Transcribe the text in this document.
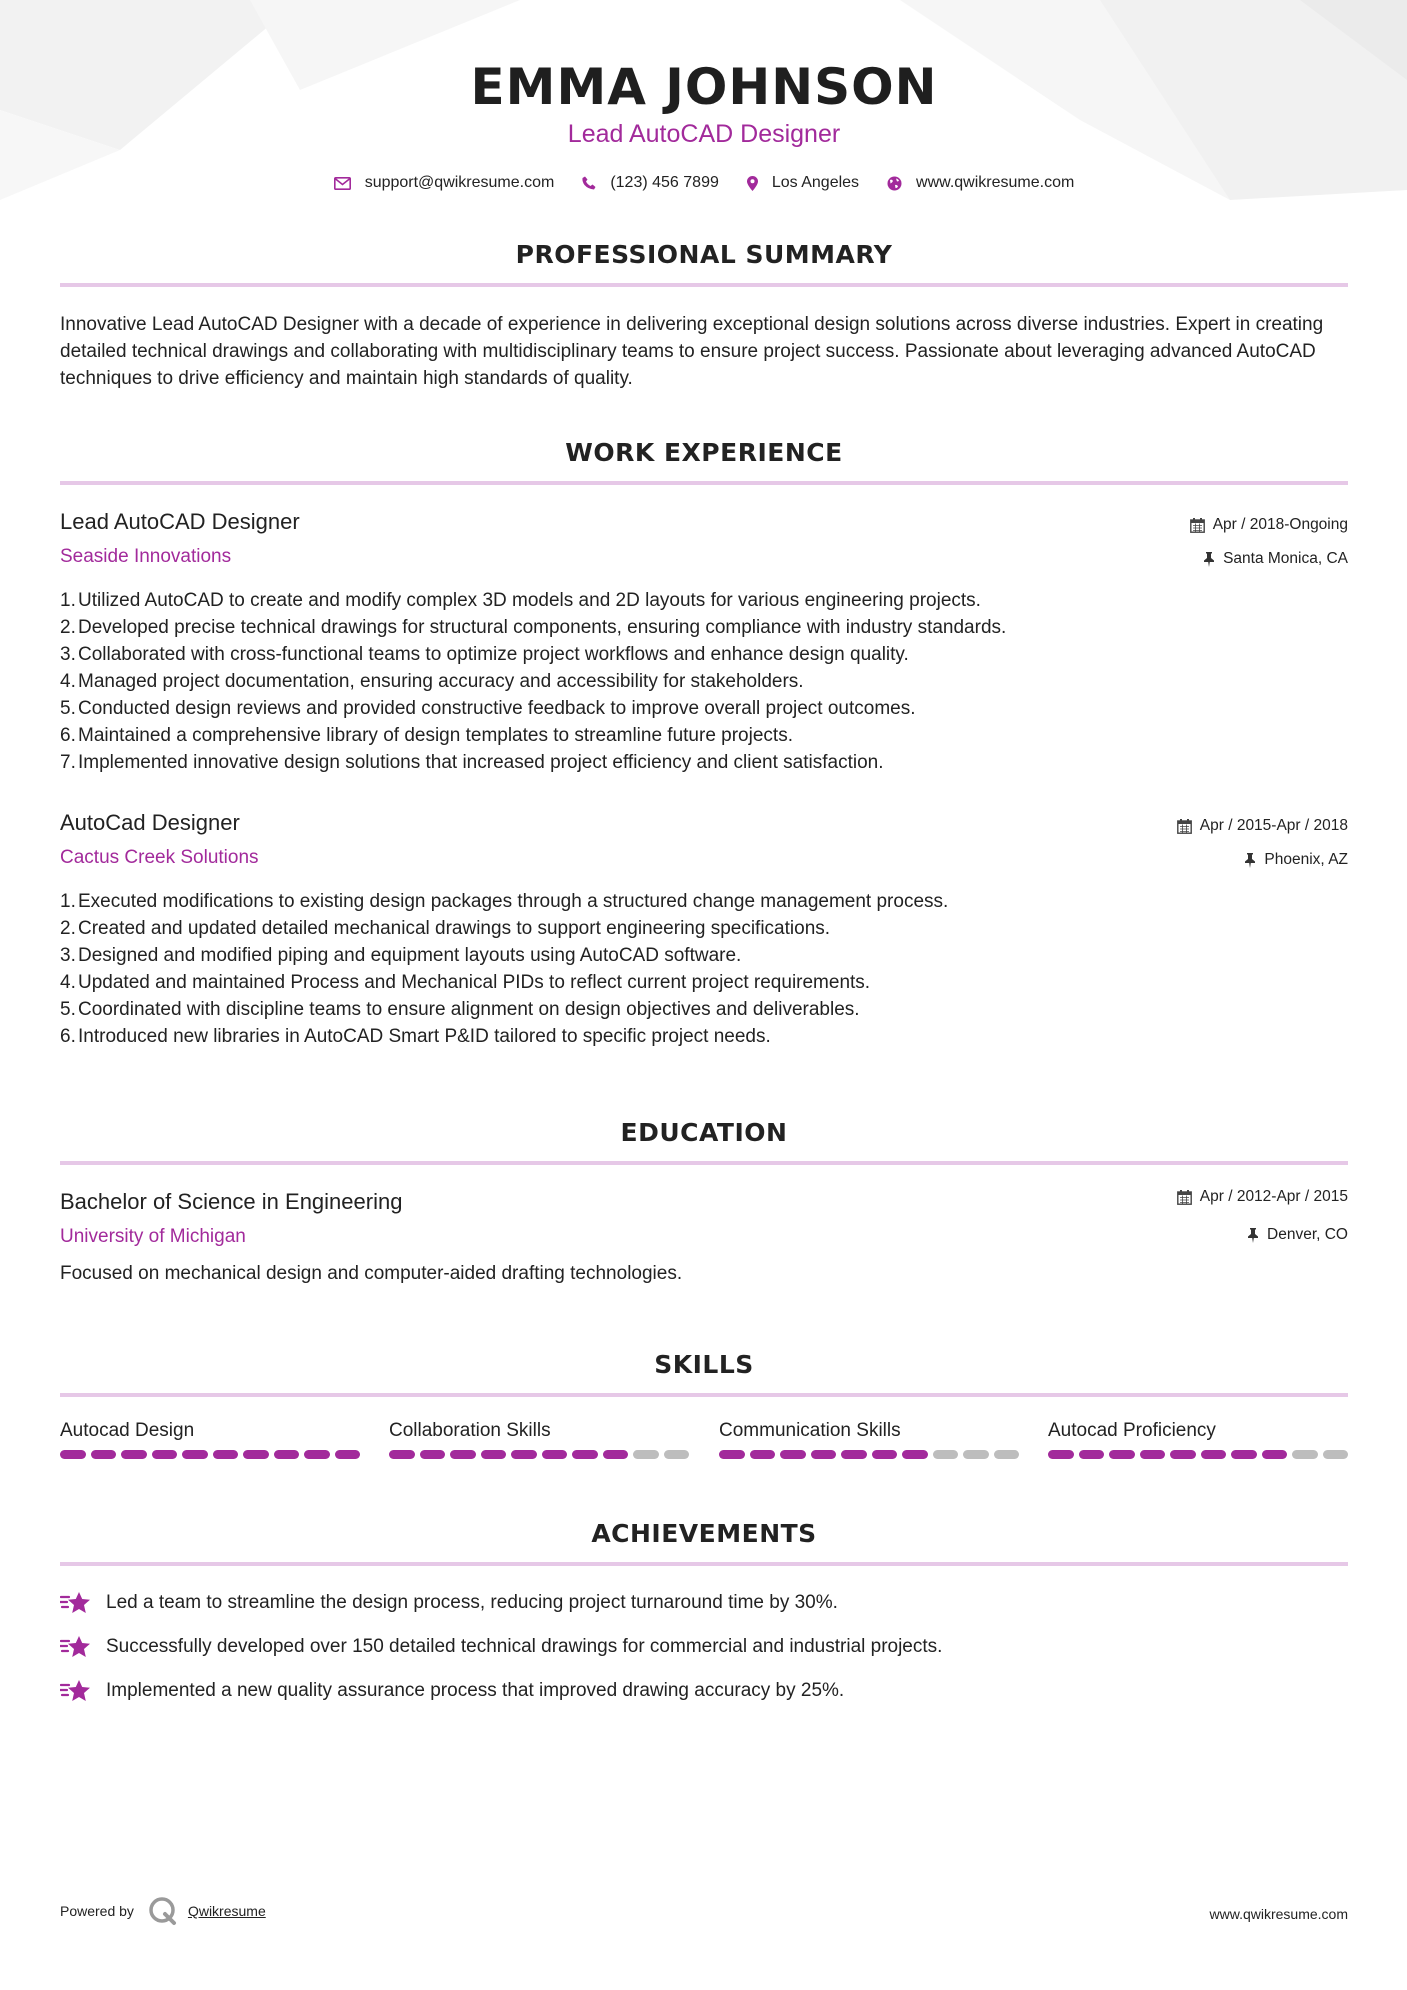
EMMA JOHNSON
Lead AutoCAD Designer
support@qwikresume.com	(123) 456 7899	Los Angeles	www.qwikresume.com
PROFESSIONAL SUMMARY
Innovative Lead AutoCAD Designer with a decade of experience in delivering exceptional design solutions across diverse industries. Expert in creating detailed technical drawings and collaborating with multidisciplinary teams to ensure project success. Passionate about leveraging advanced AutoCAD techniques to drive efficiency and maintain high standards of quality.
WORK EXPERIENCE
Lead AutoCAD Designer
Seaside Innovations
Apr / 2018-Ongoing
Santa Monica, CA
1. Utilized AutoCAD to create and modify complex 3D models and 2D layouts for various engineering projects.
2. Developed precise technical drawings for structural components, ensuring compliance with industry standards.
3. Collaborated with cross-functional teams to optimize project workflows and enhance design quality.
4. Managed project documentation, ensuring accuracy and accessibility for stakeholders.
5. Conducted design reviews and provided constructive feedback to improve overall project outcomes.
6. Maintained a comprehensive library of design templates to streamline future projects.
7. Implemented innovative design solutions that increased project efficiency and client satisfaction.
AutoCad Designer
Cactus Creek Solutions
Apr / 2015-Apr / 2018
Phoenix, AZ
1. Executed modifications to existing design packages through a structured change management process.
2. Created and updated detailed mechanical drawings to support engineering specifications.
3. Designed and modified piping and equipment layouts using AutoCAD software.
4. Updated and maintained Process and Mechanical PIDs to reflect current project requirements.
5. Coordinated with discipline teams to ensure alignment on design objectives and deliverables.
6. Introduced new libraries in AutoCAD Smart P&ID tailored to specific project needs.
EDUCATION
Bachelor of Science in Engineering
University of Michigan
Apr / 2012-Apr / 2015
Denver, CO
Focused on mechanical design and computer-aided drafting technologies.
SKILLS
Autocad Design	Collaboration Skills	Communication Skills	Autocad Proficiency
ACHIEVEMENTS
Led a team to streamline the design process, reducing project turnaround time by 30%.
Successfully developed over 150 detailed technical drawings for commercial and industrial projects.
Implemented a new quality assurance process that improved drawing accuracy by 25%.
Powered by	Qwikresume	www.qwikresume.com
